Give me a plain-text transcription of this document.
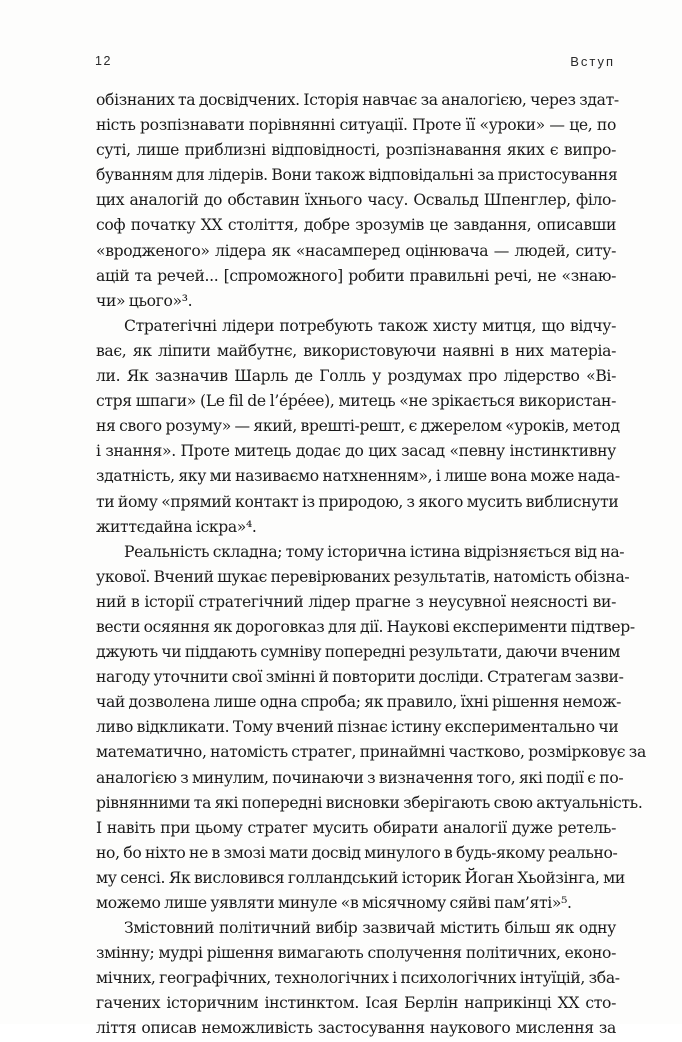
12	Вступ
обізнаних та досвідчених. Історія навчає за аналогією, через здат-
ність розпізнавати порівнянні ситуації. Проте її «уроки» — це, по
суті, лише приблизні відповідності, розпізнавання яких є випро-
буванням для лідерів. Вони також відповідальні за пристосування
цих аналогій до обставин їхнього часу. Освальд Шпенглер, філо-
соф початку XX століття, добре зрозумів це завдання, описавши
«вродженого» лідера як «насамперед оцінювача — людей, ситу-
ацій та речей... [спроможного] робити правильні речі, не «знаю-
чи» цього»³.
Стратегічні лідери потребують також хисту митця, що відчу-
ває, як ліпити майбутнє, використовуючи наявні в них матеріа-
ли. Як зазначив Шарль де Голль у роздумах про лідерство «Ві-
стря шпаги» (Le fil de l’épéee), митець «не зрікається використан-
ня свого розуму» — який, врешті-решт, є джерелом «уроків, метод
і знання». Проте митець додає до цих засад «певну інстинктивну
здатність, яку ми називаємо натхненням», і лише вона може нада-
ти йому «прямий контакт із природою, з якого мусить виблиснути
життєдайна іскра»⁴.
Реальність складна; тому історична істина відрізняється від на-
укової. Вчений шукає перевірюваних результатів, натомість обізна-
ний в історії стратегічний лідер прагне з неусувної неясності ви-
вести осяяння як дороговказ для дії. Наукові експерименти підтвер-
джують чи піддають сумніву попередні результати, даючи вченим
нагоду уточнити свої змінні й повторити досліди. Стратегам зазви-
чай дозволена лише одна спроба; як правило, їхні рішення немож-
ливо відкликати. Тому вчений пізнає істину експериментально чи
математично, натомість стратег, принаймні частково, розмірковує за
аналогією з минулим, починаючи з визначення того, які події є по-
рівнянними та які попередні висновки зберігають свою актуальність.
І навіть при цьому стратег мусить обирати аналогії дуже ретель-
но, бо ніхто не в змозі мати досвід минулого в будь-якому реально-
му сенсі. Як висловився голландський історик Йоган Хьойзінга, ми
можемо лише уявляти минуле «в місячному сяйві пам’яті»⁵.
Змістовний політичний вибір зазвичай містить більш як одну
змінну; мудрі рішення вимагають сполучення політичних, еконо-
мічних, географічних, технологічних і психологічних інтуїцій, зба-
гачених історичним інстинктом. Ісая Берлін наприкінці XX сто-
ліття описав неможливість застосування наукового мислення за
